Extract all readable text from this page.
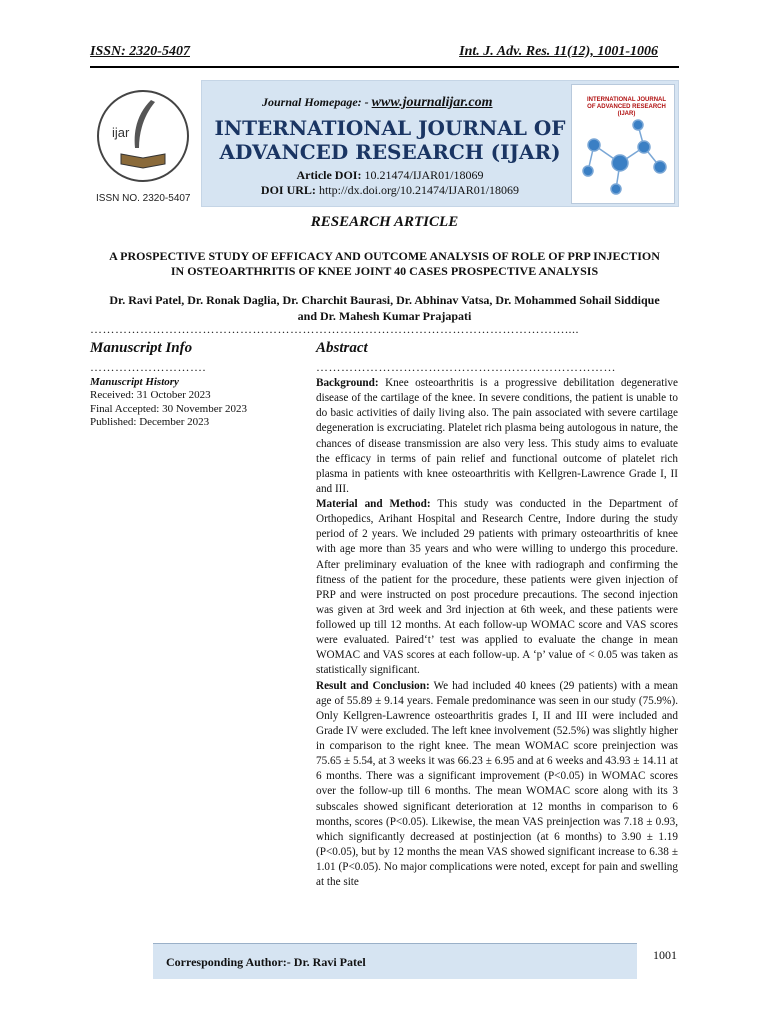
ISSN: 2320-5407	Int. J. Adv. Res. 11(12), 1001-1006
ijar
ISSN NO. 2320-5407
INTERNATIONAL JOURNAL OF ADVANCED RESEARCH (IJAR)
Journal Homepage: - www.journalijar.com
INTERNATIONAL JOURNAL OF
ADVANCED RESEARCH (IJAR)
Article DOI: 10.21474/IJAR01/18069
DOI URL: http://dx.doi.org/10.21474/IJAR01/18069
RESEARCH ARTICLE
A PROSPECTIVE STUDY OF EFFICACY AND OUTCOME ANALYSIS OF ROLE OF PRP INJECTION
IN OSTEOARTHRITIS OF KNEE JOINT 40 CASES PROSPECTIVE ANALYSIS
Dr. Ravi Patel, Dr. Ronak Daglia, Dr. Charchit Baurasi, Dr. Abhinav Vatsa, Dr. Mohammed Sohail Siddique
and Dr. Mahesh Kumar Prajapati
……………………………………………………………………………………………………....
Manuscript Info	Abstract
……………………….	………………………………………………………………
Manuscript History
Received: 31 October 2023
Final Accepted: 30 November 2023
Published: December 2023

Background: Knee osteoarthritis is a progressive debilitation degenerative disease of the cartilage of the knee. In severe conditions, the patient is unable to do basic activities of daily living also. The pain associated with severe cartilage degeneration is excruciating. Platelet rich plasma being autologous in nature, the chances of disease transmission are also very less. This study aims to evaluate the efficacy in terms of pain relief and functional outcome of platelet rich plasma in patients with knee osteoarthritis with Kellgren-Lawrence Grade I, II and III.

Material and Method: This study was conducted in the Department of Orthopedics, Arihant Hospital and Research Centre, Indore during the study period of 2 years. We included 29 patients with primary osteoarthritis of knee with age more than 35 years and who were willing to undergo this procedure. After preliminary evaluation of the knee with radiograph and confirming the fitness of the patient for the procedure, these patients were given injection of PRP and were instructed on post procedure precautions. The second injection was given at 3rd week and 3rd injection at 6th week, and these patients were followed up till 12 months. At each follow-up WOMAC score and VAS scores were evaluated. Paired‘t’ test was applied to evaluate the change in mean WOMAC and VAS scores at each follow-up. A ‘p’ value of < 0.05 was taken as statistically significant.

Result and Conclusion: We had included 40 knees (29 patients) with a mean age of 55.89 ± 9.14 years. Female predominance was seen in our study (75.9%). Only Kellgren-Lawrence osteoarthritis grades I, II and III were included and Grade IV were excluded. The left knee involvement (52.5%) was slightly higher in comparison to the right knee. The mean WOMAC score preinjection was 75.65 ± 5.54, at 3 weeks it was 66.23 ± 6.95 and at 6 weeks and 43.93 ± 14.11 at 6 months. There was a significant improvement (P<0.05) in WOMAC scores over the follow-up till 6 months. The mean WOMAC score along with its 3 subscales showed significant deterioration at 12 months in comparison to 6 months, scores (P<0.05). Likewise, the mean VAS preinjection was 7.18 ± 0.93, which significantly decreased at postinjection (at 6 months) to 3.90 ± 1.19 (P<0.05), but by 12 months the mean VAS showed significant increase to 6.38 ± 1.01 (P<0.05). No major complications were noted, except for pain and swelling at the site

Corresponding Author:- Dr. Ravi Patel	1001
